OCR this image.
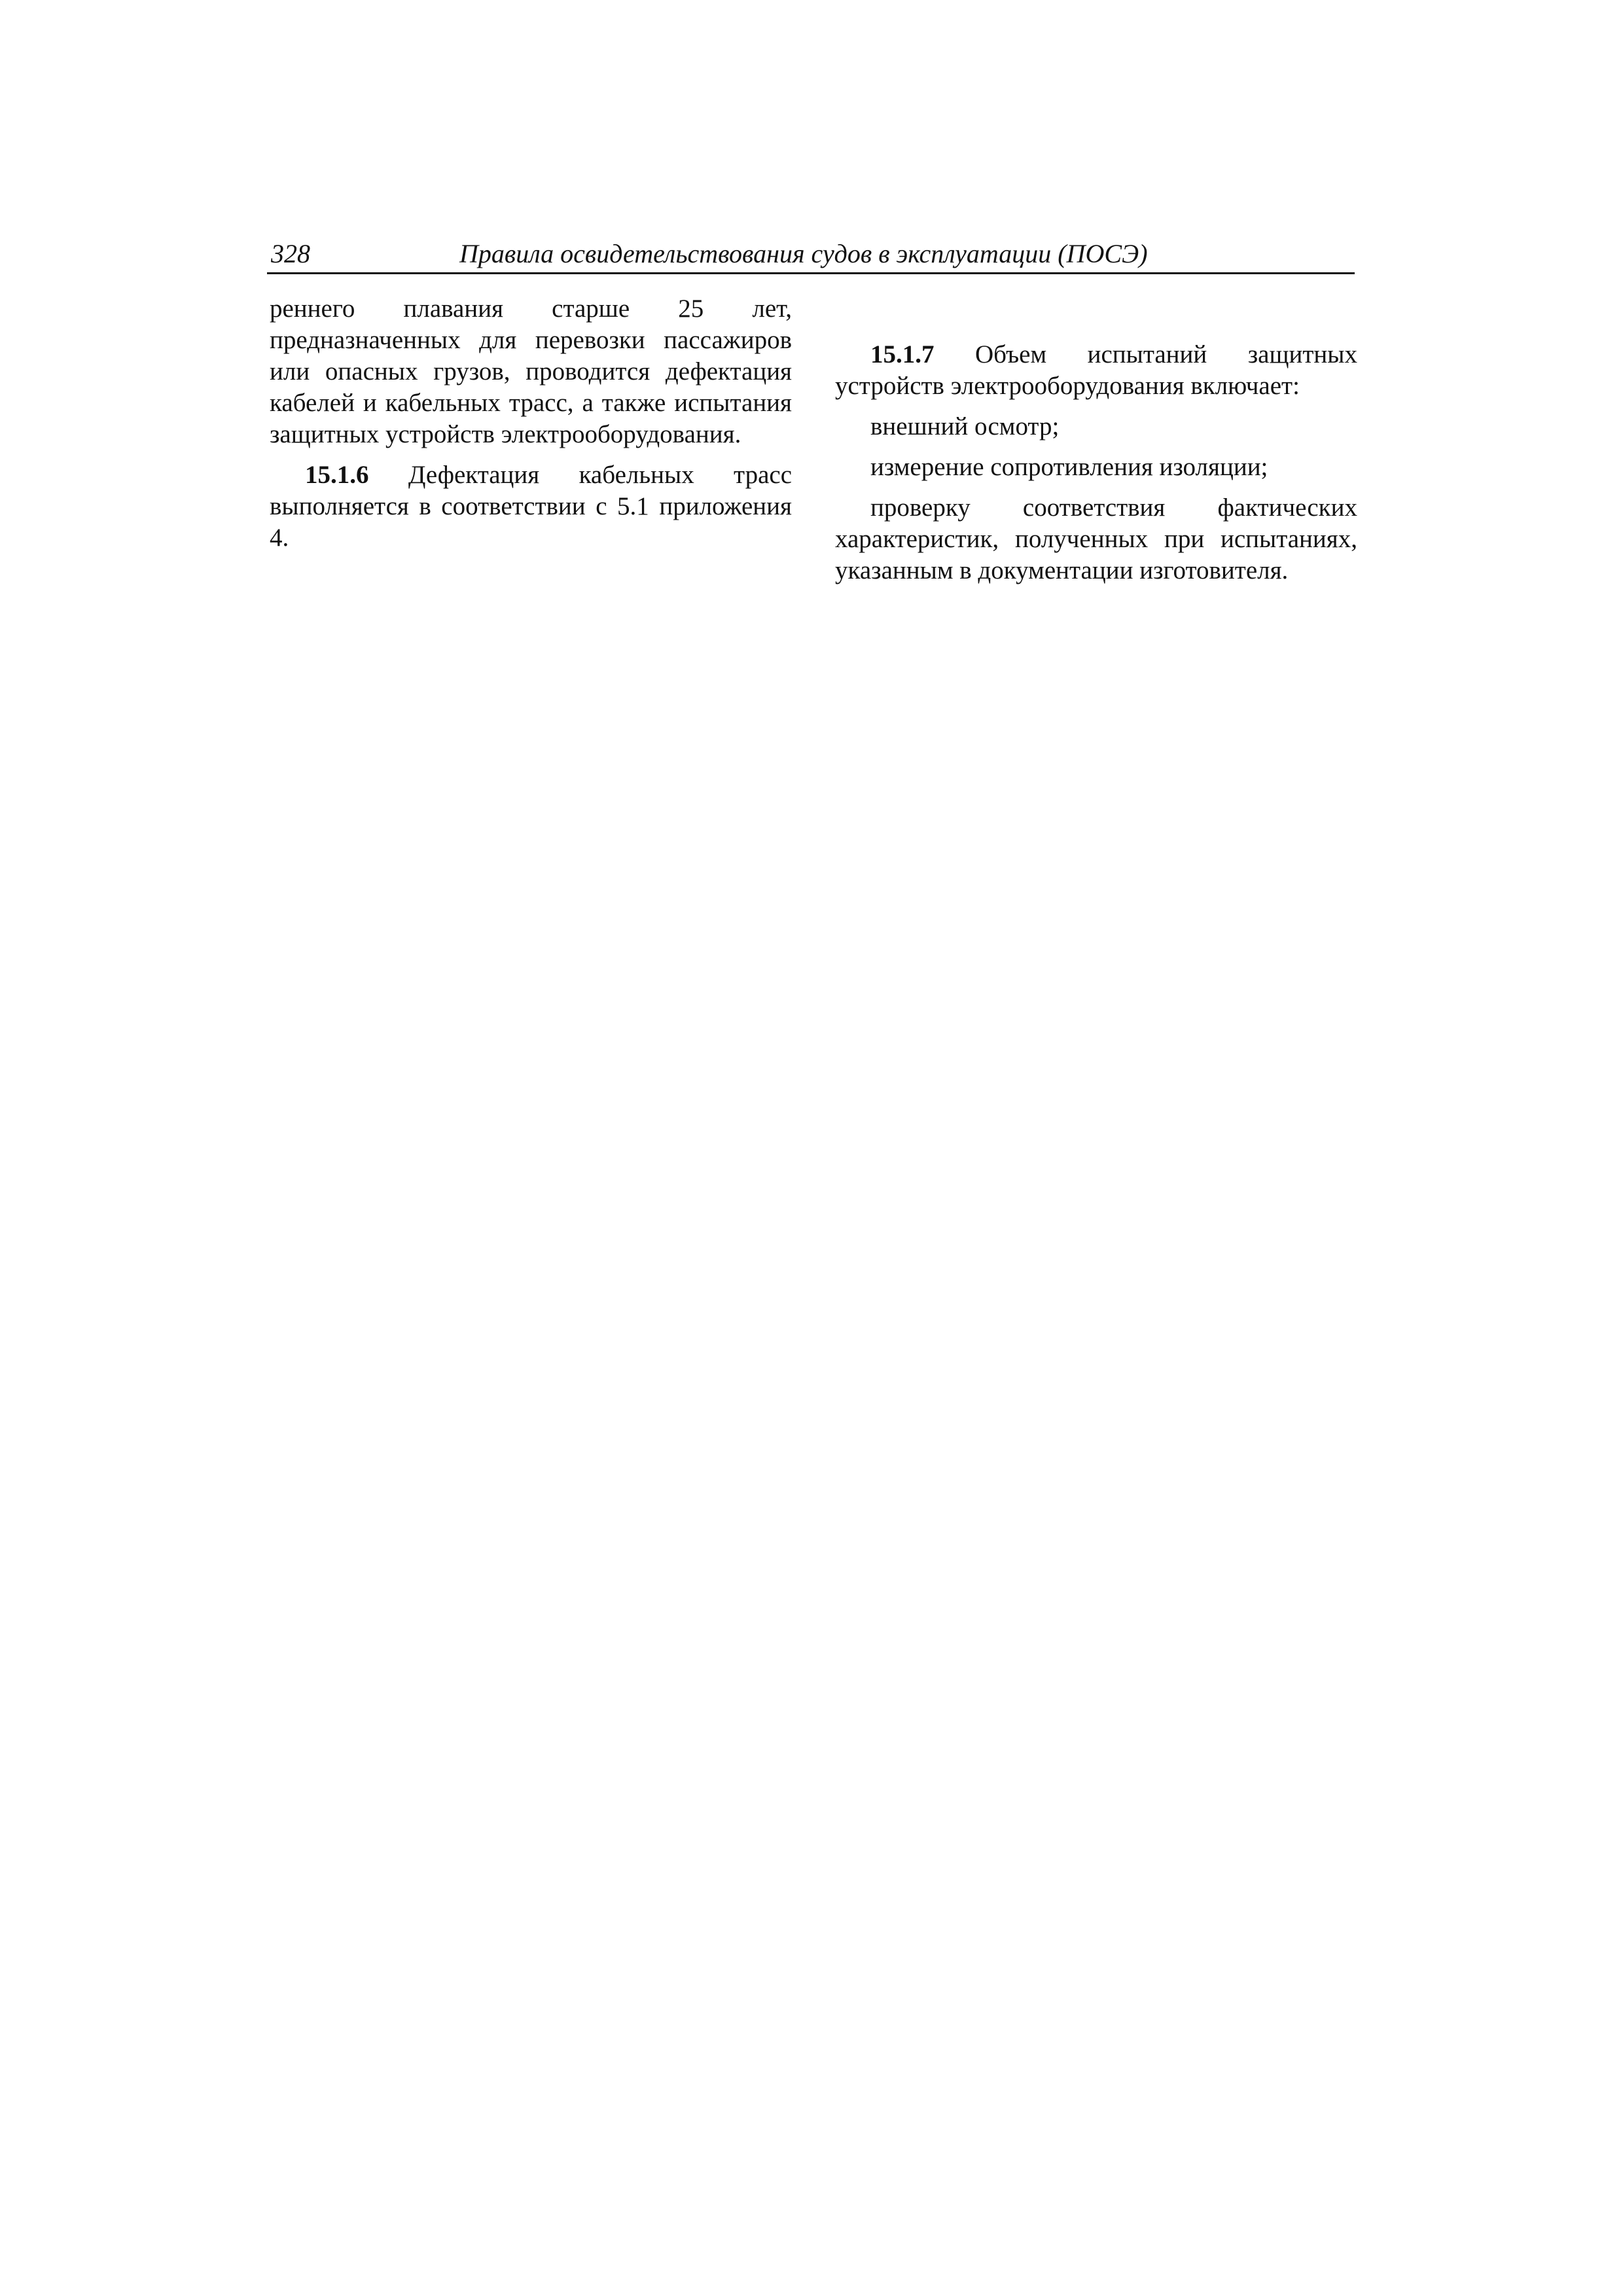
328	Правила освидетельствования судов в эксплуатации (ПОСЭ)

реннего плавания старше 25 лет, предназначенных для перевозки пассажиров или опасных грузов, проводится дефектация кабелей и кабельных трасс, а также испытания защитных устройств электрооборудования.

15.1.6 Дефектация кабельных трасс выполняется в соответствии с 5.1 приложения 4.

15.1.7 Объем испытаний защитных устройств электрооборудования включает:

внешний осмотр;

измерение сопротивления изоляции;

проверку соответствия фактических характеристик, полученных при испытаниях, указанным в документации изготовителя.
